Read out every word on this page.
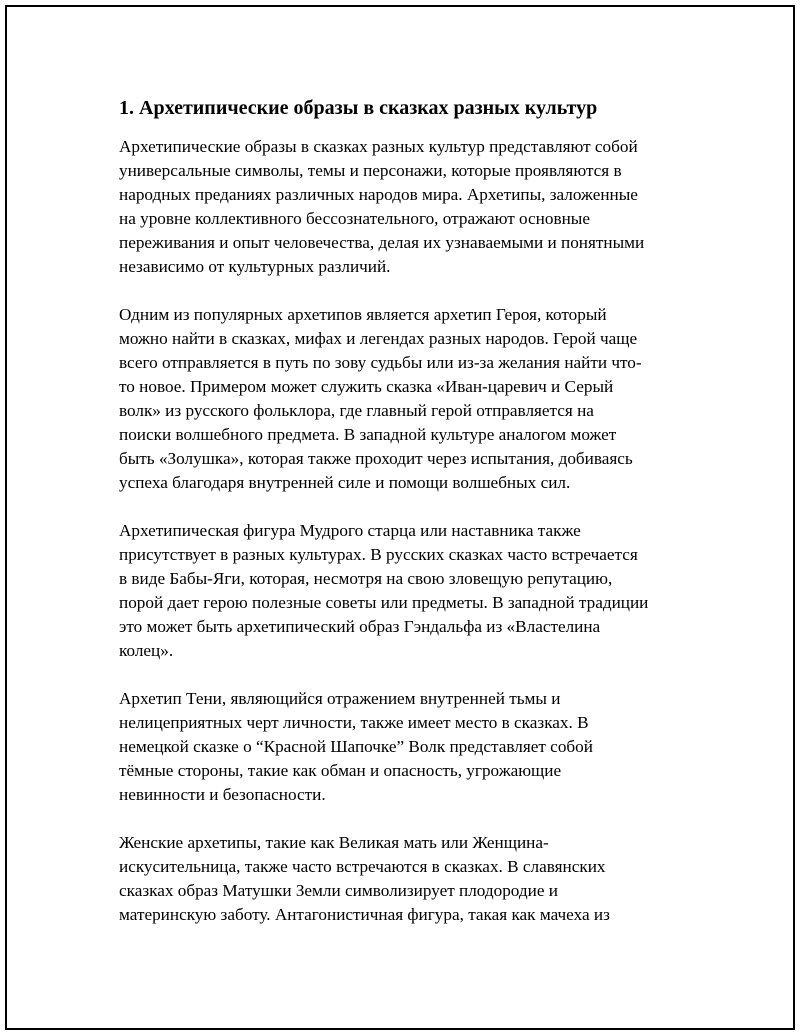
1. Архетипические образы в сказках разных культур

Архетипические образы в сказках разных культур представляют собой
универсальные символы, темы и персонажи, которые проявляются в
народных преданиях различных народов мира. Архетипы, заложенные
на уровне коллективного бессознательного, отражают основные
переживания и опыт человечества, делая их узнаваемыми и понятными
независимо от культурных различий.

Одним из популярных архетипов является архетип Героя, который
можно найти в сказках, мифах и легендах разных народов. Герой чаще
всего отправляется в путь по зову судьбы или из-за желания найти что-
то новое. Примером может служить сказка «Иван-царевич и Серый
волк» из русского фольклора, где главный герой отправляется на
поиски волшебного предмета. В западной культуре аналогом может
быть «Золушка», которая также проходит через испытания, добиваясь
успеха благодаря внутренней силе и помощи волшебных сил.

Архетипическая фигура Мудрого старца или наставника также
присутствует в разных культурах. В русских сказках часто встречается
в виде Бабы-Яги, которая, несмотря на свою зловещую репутацию,
порой дает герою полезные советы или предметы. В западной традиции
это может быть архетипический образ Гэндальфа из «Властелина
колец».

Архетип Тени, являющийся отражением внутренней тьмы и
нелицеприятных черт личности, также имеет место в сказках. В
немецкой сказке о “Красной Шапочке” Волк представляет собой
тёмные стороны, такие как обман и опасность, угрожающие
невинности и безопасности.

Женские архетипы, такие как Великая мать или Женщина-
искусительница, также часто встречаются в сказках. В славянских
сказках образ Матушки Земли символизирует плодородие и
материнскую заботу. Антагонистичная фигура, такая как мачеха из
